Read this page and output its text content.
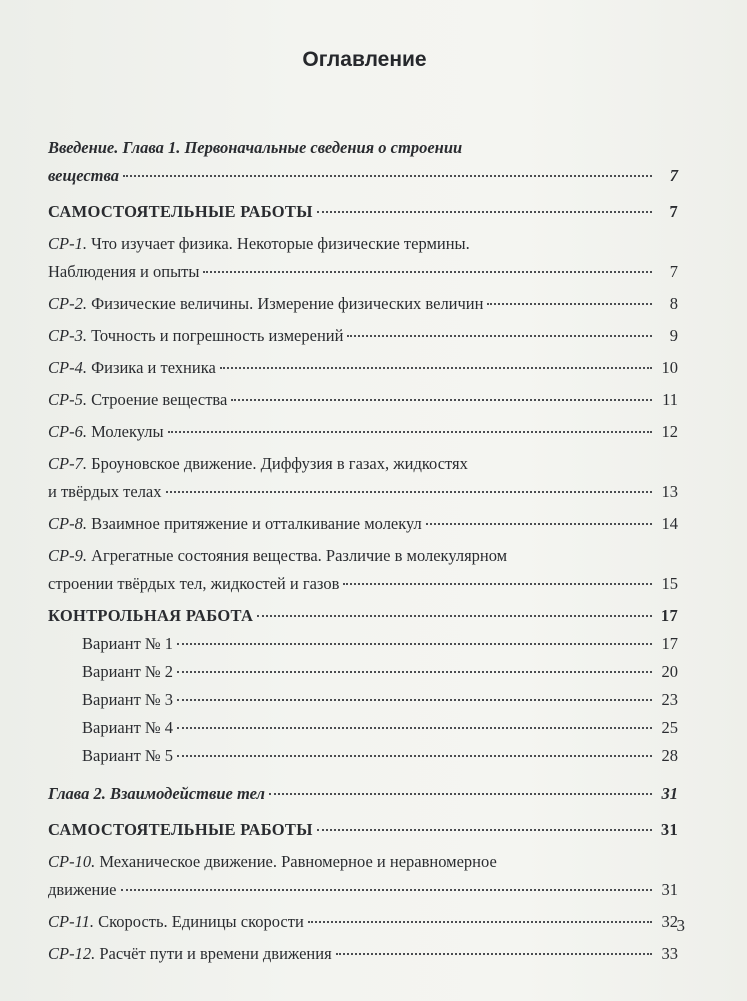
Оглавление
Введение. Глава 1. Первоначальные сведения о строении
вещества	7
САМОСТОЯТЕЛЬНЫЕ РАБОТЫ	7
СР-1. Что изучает физика. Некоторые физические термины.
Наблюдения и опыты	7
СР-2. Физические величины. Измерение физических величин	8
СР-3. Точность и погрешность измерений	9
СР-4. Физика и техника	10
СР-5. Строение вещества	11
СР-6. Молекулы	12
СР-7. Броуновское движение. Диффузия в газах, жидкостях
и твёрдых телах	13
СР-8. Взаимное притяжение и отталкивание молекул	14
СР-9. Агрегатные состояния вещества. Различие в молекулярном
строении твёрдых тел, жидкостей и газов	15
КОНТРОЛЬНАЯ РАБОТА	17
Вариант № 1	17
Вариант № 2	20
Вариант № 3	23
Вариант № 4	25
Вариант № 5	28
Глава 2. Взаимодействие тел	31
САМОСТОЯТЕЛЬНЫЕ РАБОТЫ	31
СР-10. Механическое движение. Равномерное и неравномерное
движение	31
СР-11. Скорость. Единицы скорости	32
СР-12. Расчёт пути и времени движения	33
3
